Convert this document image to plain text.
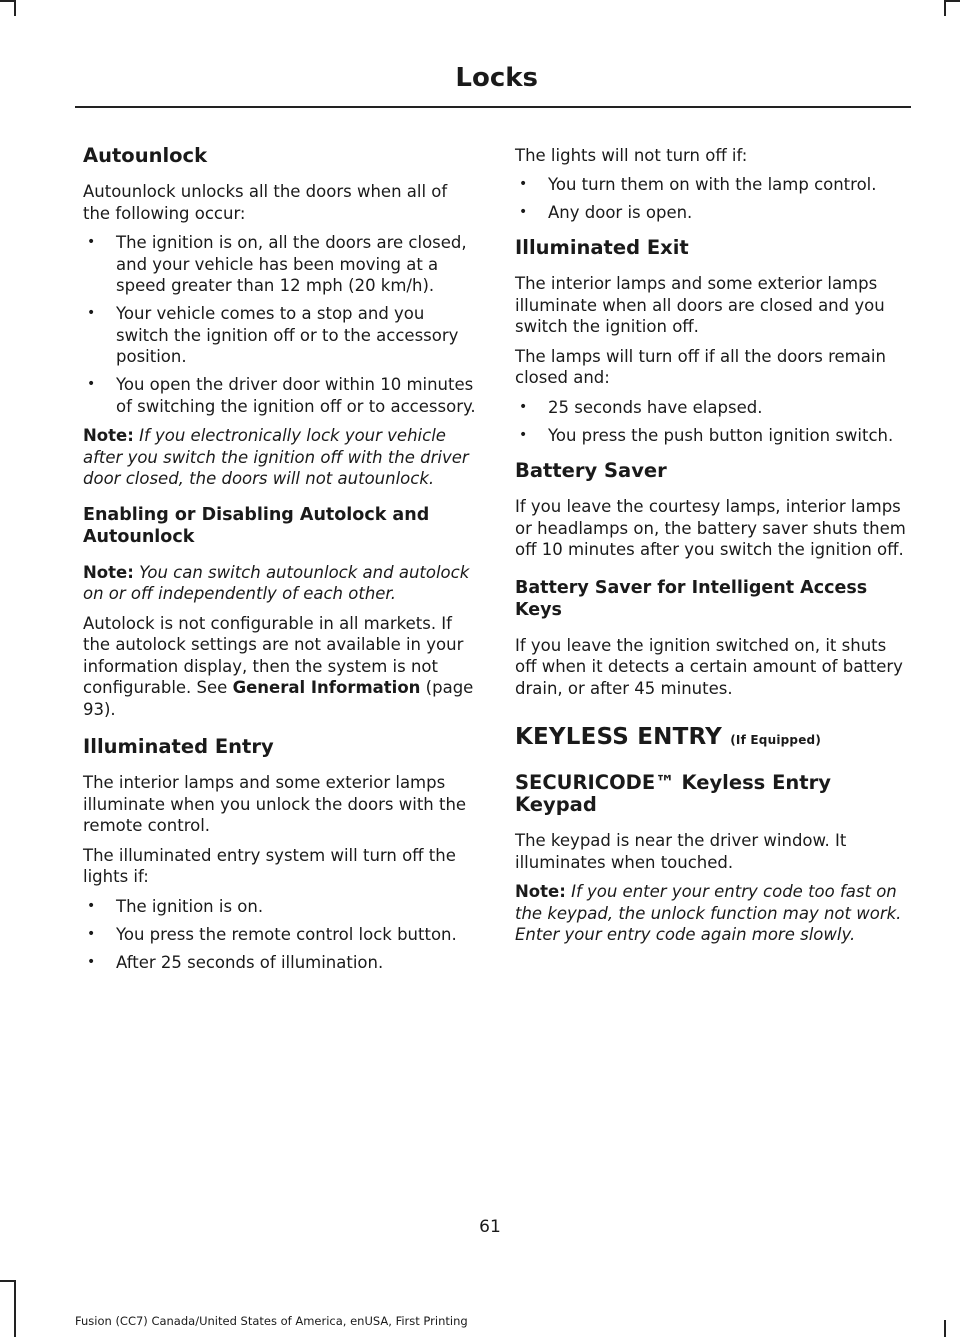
Locks
Autounlock

Autounlock unlocks all the doors when all of the following occur:

• The ignition is on, all the doors are closed, and your vehicle has been moving at a speed greater than 12 mph (20 km/h).
• Your vehicle comes to a stop and you switch the ignition off or to the accessory position.
• You open the driver door within 10 minutes of switching the ignition off or to accessory.

Note: If you electronically lock your vehicle after you switch the ignition off with the driver door closed, the doors will not autounlock.

Enabling or Disabling Autolock and Autounlock

Note: You can switch autounlock and autolock on or off independently of each other.

Autolock is not configurable in all markets. If the autolock settings are not available in your information display, then the system is not configurable. See General Information (page 93).

Illuminated Entry

The interior lamps and some exterior lamps illuminate when you unlock the doors with the remote control.

The illuminated entry system will turn off the lights if:

• The ignition is on.
• You press the remote control lock button.
• After 25 seconds of illumination.

The lights will not turn off if:

• You turn them on with the lamp control.
• Any door is open.
Illuminated Exit

The interior lamps and some exterior lamps illuminate when all doors are closed and you switch the ignition off.

The lamps will turn off if all the doors remain closed and:

• 25 seconds have elapsed.
• You press the push button ignition switch.
Battery Saver

If you leave the courtesy lamps, interior lamps or headlamps on, the battery saver shuts them off 10 minutes after you switch the ignition off.

Battery Saver for Intelligent Access Keys

If you leave the ignition switched on, it shuts off when it detects a certain amount of battery drain, or after 45 minutes.

KEYLESS ENTRY (If Equipped)
SECURICODE™ Keyless Entry Keypad

The keypad is near the driver window. It illuminates when touched.

Note: If you enter your entry code too fast on the keypad, the unlock function may not work. Enter your entry code again more slowly.

61
Fusion (CC7) Canada/United States of America, enUSA, First Printing
